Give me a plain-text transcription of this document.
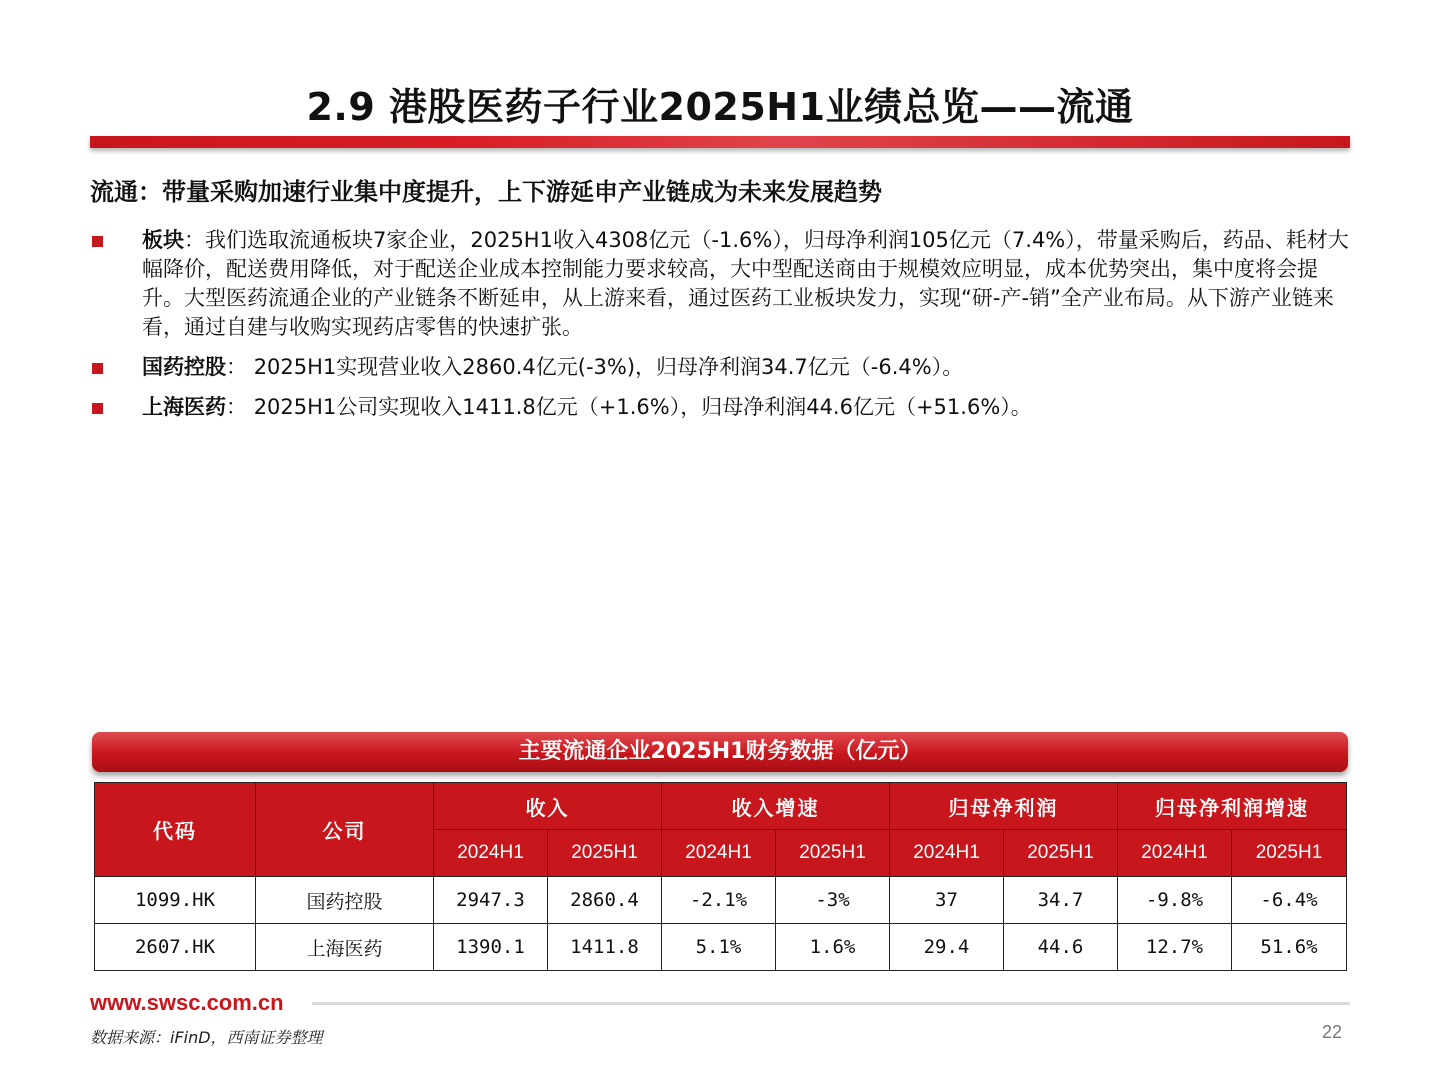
2.9 港股医药子行业2025H1业绩总览——流通
流通：带量采购加速行业集中度提升，上下游延申产业链成为未来发展趋势
板块：我们选取流通板块7家企业，2025H1收入4308亿元（-1.6%），归母净利润105亿元（7.4%），带量采购后，药品、耗材大幅降价，配送费用降低，对于配送企业成本控制能力要求较高，大中型配送商由于规模效应明显，成本优势突出，集中度将会提升。大型医药流通企业的产业链条不断延申，从上游来看，通过医药工业板块发力，实现“研-产-销”全产业布局。从下游产业链来看，通过自建与收购实现药店零售的快速扩张。
国药控股： 2025H1实现营业收入2860.4亿元(-3%)，归母净利润34.7亿元（-6.4%）。
上海医药： 2025H1公司实现收入1411.8亿元（+1.6%），归母净利润44.6亿元（+51.6%）。
主要流通企业2025H1财务数据（亿元）
代码	公司	收入		收入增速		归母净利润		归母净利润增速	
		2024H1	2025H1	2024H1	2025H1	2024H1	2025H1	2024H1	2025H1
1099.HK	国药控股	2947.3	2860.4	-2.1%	-3%	37	34.7	-9.8%	-6.4%
2607.HK	上海医药	1390.1	1411.8	5.1%	1.6%	29.4	44.6	12.7%	51.6%
www.swsc.com.cn
数据来源：iFinD，西南证券整理	22
